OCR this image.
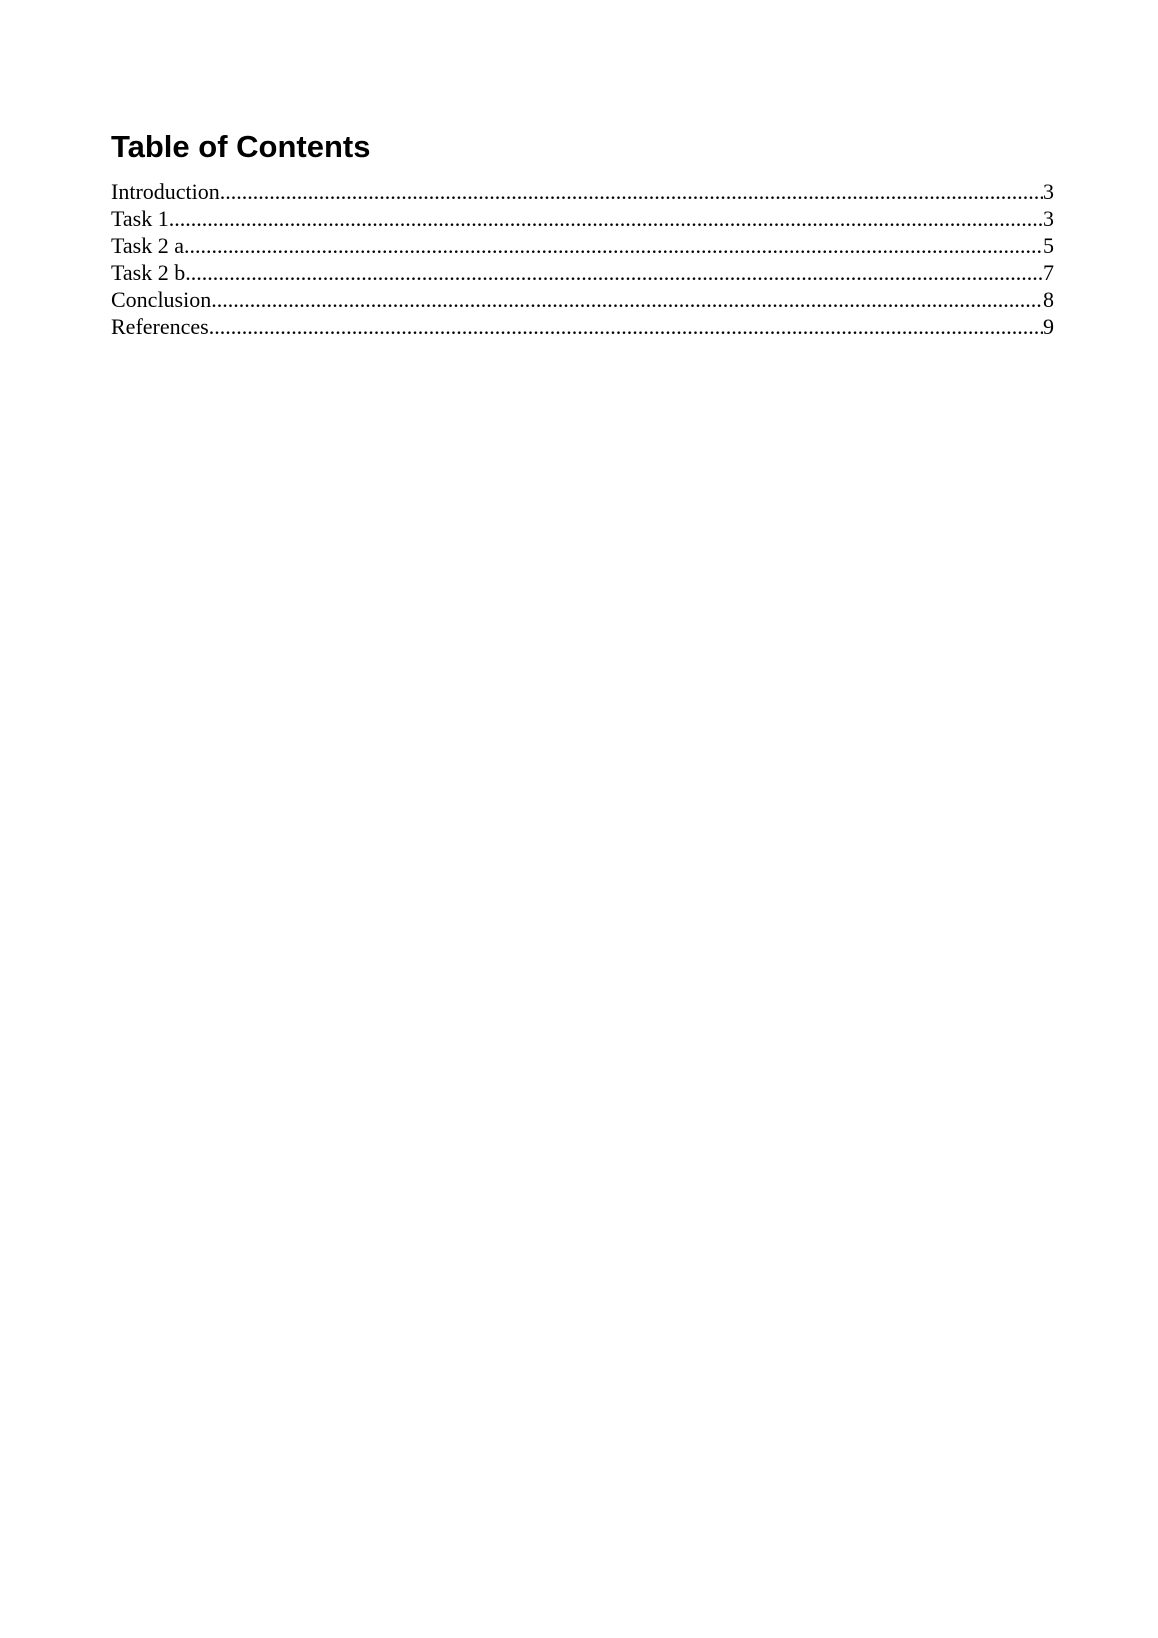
Table of Contents
Introduction .....	3
Task 1 .....	3
Task 2 a .....	5
Task 2 b .....	7
Conclusion .....	8
References .....	9
